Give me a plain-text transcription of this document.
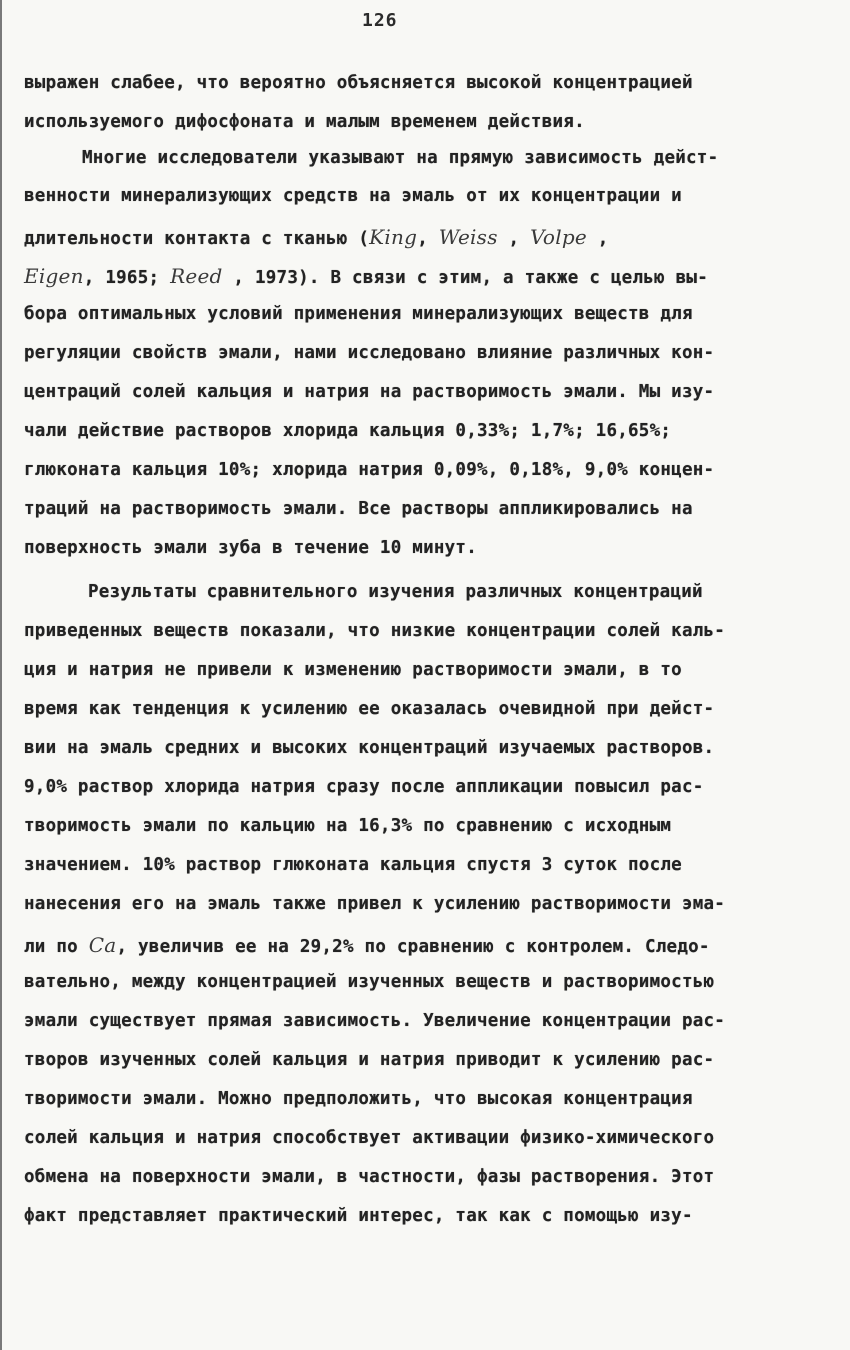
126
выражен слабее, что вероятно объясняется высокой концентрацией
используемого дифосфоната и малым временем действия.
Многие исследователи указывают на прямую зависимость дейст-
венности минерализующих средств на эмаль от их концентрации и
длительности контакта с тканью (King, Weiss , Volpe ,
Eigen, 1965; Reed , 1973). В связи с этим, а также с целью вы-
бора оптимальных условий применения минерализующих веществ для
регуляции свойств эмали, нами исследовано влияние различных кон-
центраций солей кальция и натрия на растворимость эмали. Мы изу-
чали действие растворов хлорида кальция 0,33%; 1,7%; 16,65%;
глюконата кальция 10%; хлорида натрия 0,09%, 0,18%, 9,0% концен-
траций на растворимость эмали. Все растворы аппликировались на
поверхность эмали зуба в течение 10 минут.
Результаты сравнительного изучения различных концентраций
приведенных веществ показали, что низкие концентрации солей каль-
ция и натрия не привели к изменению растворимости эмали, в то
время как тенденция к усилению ее оказалась очевидной при дейст-
вии на эмаль средних и высоких концентраций изучаемых растворов.
9,0% раствор хлорида натрия сразу после аппликации повысил рас-
творимость эмали по кальцию на 16,3% по сравнению с исходным
значением. 10% раствор глюконата кальция спустя 3 суток после
нанесения его на эмаль также привел к усилению растворимости эма-
ли по Ca, увеличив ее на 29,2% по сравнению с контролем. Следо-
вательно, между концентрацией изученных веществ и растворимостью
эмали существует прямая зависимость. Увеличение концентрации рас-
творов изученных солей кальция и натрия приводит к усилению рас-
творимости эмали. Можно предположить, что высокая концентрация
солей кальция и натрия способствует активации физико-химического
обмена на поверхности эмали, в частности, фазы растворения. Этот
факт представляет практический интерес, так как с помощью изу-
